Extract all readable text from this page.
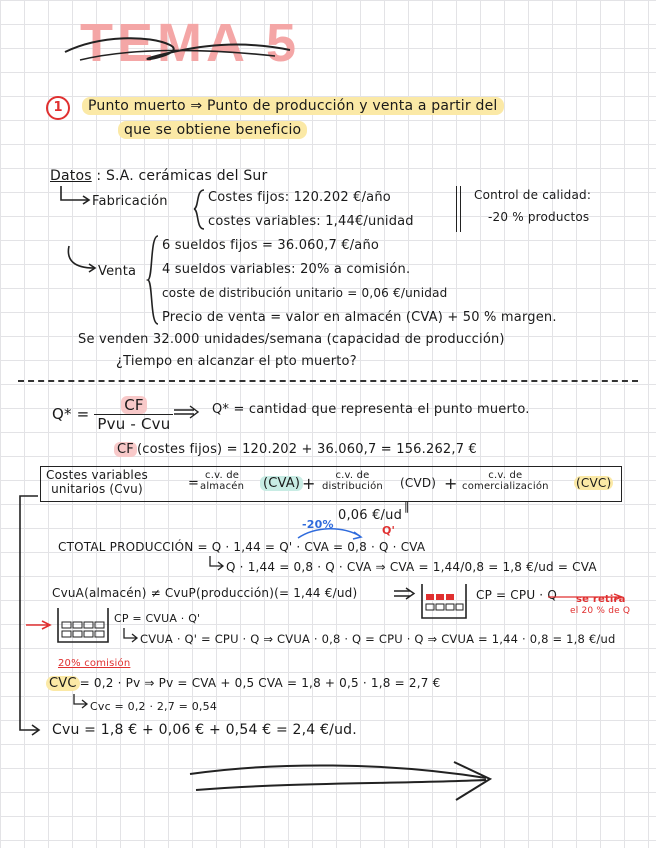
TEMA 5
1	Punto muerto ⇒ Punto de producción y venta a partir del
que se obtiene beneficio
Datos : S.A. cerámicas del Sur
Fabricación	Costes fijos: 120.202 €/año
costes variables: 1,44€/unidad
Control de calidad:
-20 % productos
Venta
6 sueldos fijos = 36.060,7 €/año
4 sueldos variables: 20% a comisión.
coste de distribución unitario = 0,06 €/unidad
Precio de venta = valor en almacén (CVA) + 50 % margen.
Se venden 32.000 unidades/semana (capacidad de producción)
¿Tiempo en alcanzar el pto muerto?
$Q* = \frac{CF}{\text{Pvu - Cvu}}$	Q* = cantidad que representa el punto muerto.
CF (costes fijos) = 120.202 + 36.060,7 = 156.262,7 €
Costes variables
unitarios (Cvu)	=
c.v. de
almacén (CVA) +	c.v. de
distribución (CVD) +	c.v. de
comercialización (CVC)
‖
0,06 €/ud
-20%	Q'
CTOTAL PRODUCCIÓN = Q · 1,44 = Q' · CVA = 0,8 · Q · CVA
Q · 1,44 = 0,8 · Q · CVA ⇒ CVA = 1,44/0,8 = 1,8 €/ud = CVA
CvuA(almacén) ≠ CvuP(producción)(= 1,44 €/ud)	CP = CPU · Q se retira
el 20 % de Q
CP = CVUA · Q'
CVUA · Q' = CPU · Q ⇒ CVUA · 0,8 · Q = CPU · Q ⇒ CVUA = 1,44 · 0,8 = 1,8 €/ud
20% comisión
CVC = 0,2 · Pv ⇒ Pv = CVA + 0,5 CVA = 1,8 + 0,5 · 1,8 = 2,7 €
Cvc = 0,2 · 2,7 = 0,54
Cvu = 1,8 € + 0,06 € + 0,54 € = 2,4 €/ud.
